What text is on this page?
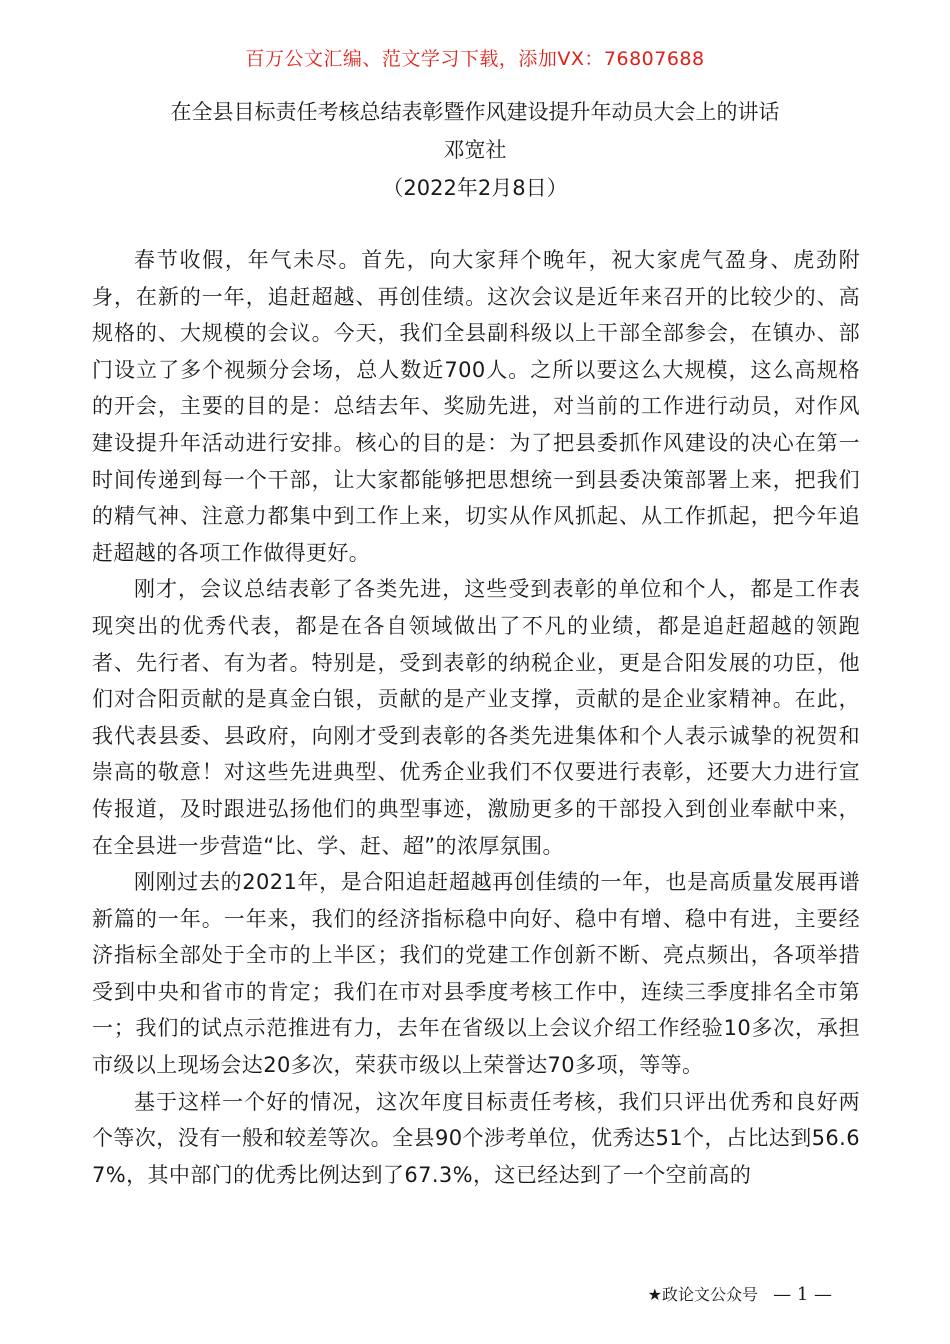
百万公文汇编、范文学习下载，添加VX：76807688
在全县目标责任考核总结表彰暨作风建设提升年动员大会上的讲话
邓宽社
（2022年2月8日）

春节收假，年气未尽。首先，向大家拜个晚年，祝大家虎气盈身、虎劲附身，在新的一年，追赶超越、再创佳绩。这次会议是近年来召开的比较少的、高规格的、大规模的会议。今天，我们全县副科级以上干部全部参会，在镇办、部门设立了多个视频分会场，总人数近700人。之所以要这么大规模，这么高规格的开会，主要的目的是：总结去年、奖励先进，对当前的工作进行动员，对作风建设提升年活动进行安排。核心的目的是：为了把县委抓作风建设的决心在第一时间传递到每一个干部，让大家都能够把思想统一到县委决策部署上来，把我们的精气神、注意力都集中到工作上来，切实从作风抓起、从工作抓起，把今年追赶超越的各项工作做得更好。

刚才，会议总结表彰了各类先进，这些受到表彰的单位和个人，都是工作表现突出的优秀代表，都是在各自领域做出了不凡的业绩，都是追赶超越的领跑者、先行者、有为者。特别是，受到表彰的纳税企业，更是合阳发展的功臣，他们对合阳贡献的是真金白银，贡献的是产业支撑，贡献的是企业家精神。在此，我代表县委、县政府，向刚才受到表彰的各类先进集体和个人表示诚挚的祝贺和崇高的敬意！对这些先进典型、优秀企业我们不仅要进行表彰，还要大力进行宣传报道，及时跟进弘扬他们的典型事迹，激励更多的干部投入到创业奉献中来，在全县进一步营造“比、学、赶、超”的浓厚氛围。

刚刚过去的2021年，是合阳追赶超越再创佳绩的一年，也是高质量发展再谱新篇的一年。一年来，我们的经济指标稳中向好、稳中有增、稳中有进，主要经济指标全部处于全市的上半区；我们的党建工作创新不断、亮点频出，各项举措受到中央和省市的肯定；我们在市对县季度考核工作中，连续三季度排名全市第一；我们的试点示范推进有力，去年在省级以上会议介绍工作经验10多次，承担市级以上现场会达20多次，荣获市级以上荣誉达70多项，等等。

基于这样一个好的情况，这次年度目标责任考核，我们只评出优秀和良好两个等次，没有一般和较差等次。全县90个涉考单位，优秀达51个，占比达到56.67%，其中部门的优秀比例达到了67.3%，这已经达到了一个空前高的

★政论文公众号 — 1 —
